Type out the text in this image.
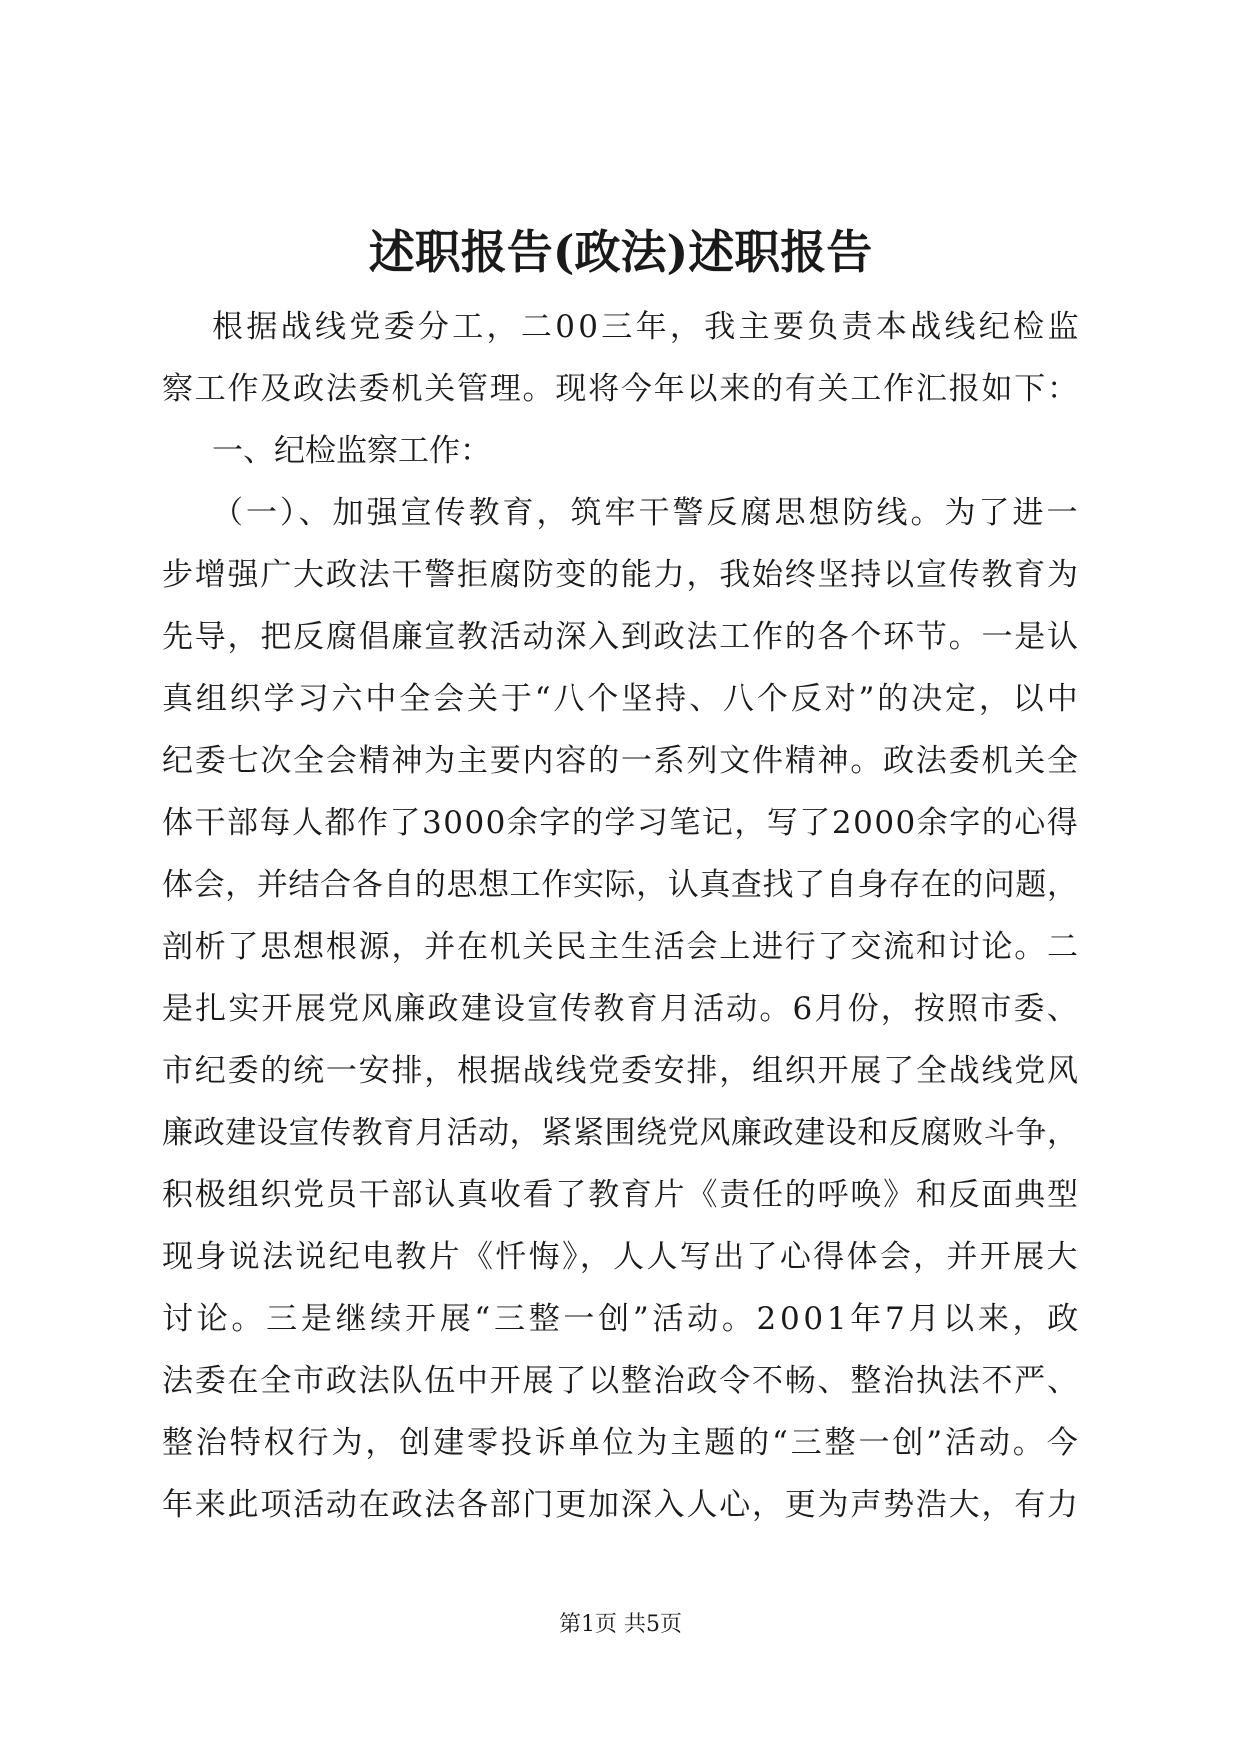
述职报告(政法)述职报告

根据战线党委分工，二00三年，我主要负责本战线纪检监

察工作及政法委机关管理。现将今年以来的有关工作汇报如下：

一、纪检监察工作：

（一）、加强宣传教育，筑牢干警反腐思想防线。为了进一

步增强广大政法干警拒腐防变的能力，我始终坚持以宣传教育为

先导，把反腐倡廉宣教活动深入到政法工作的各个环节。一是认

真组织学习六中全会关于“八个坚持、八个反对”的决定，以中

纪委七次全会精神为主要内容的一系列文件精神。政法委机关全

体干部每人都作了3000余字的学习笔记，写了2000余字的心得

体会，并结合各自的思想工作实际，认真查找了自身存在的问题，

剖析了思想根源，并在机关民主生活会上进行了交流和讨论。二

是扎实开展党风廉政建设宣传教育月活动。6月份，按照市委、

市纪委的统一安排，根据战线党委安排，组织开展了全战线党风

廉政建设宣传教育月活动，紧紧围绕党风廉政建设和反腐败斗争，

积极组织党员干部认真收看了教育片《责任的呼唤》和反面典型

现身说法说纪电教片《忏悔》，人人写出了心得体会，并开展大

讨论。三是继续开展“三整一创”活动。2001年7月以来，政

法委在全市政法队伍中开展了以整治政令不畅、整治执法不严、

整治特权行为，创建零投诉单位为主题的“三整一创”活动。今

年来此项活动在政法各部门更加深入人心，更为声势浩大，有力

第1页 共5页
